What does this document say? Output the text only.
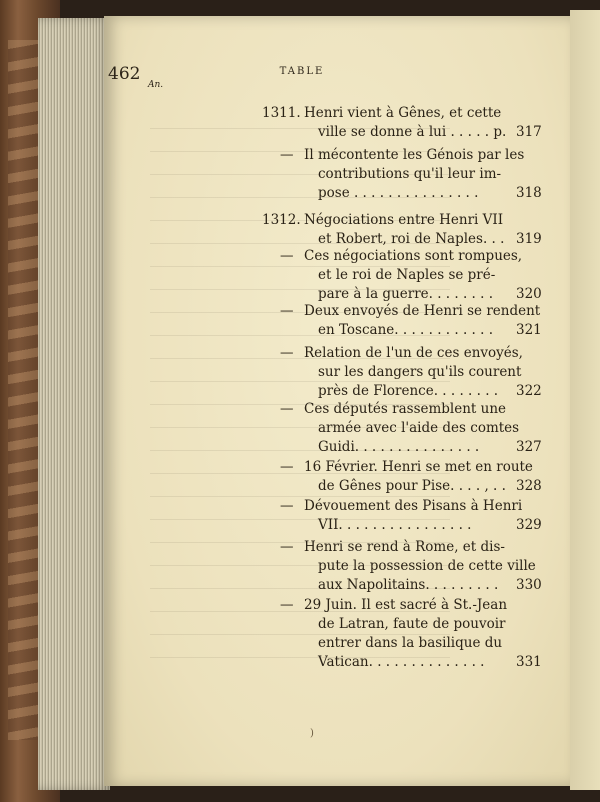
462	TABLE
An.
)
1311. Henri vient à Gênes, et cette
ville se donne à lui . . . . . p. 317
— Il mécontente les Génois par les
contributions qu'il leur im-
pose . . . . . . . . . . . . . . .	318
1312. Négociations entre Henri VII
et Robert, roi de Naples. . . 319
— Ces négociations sont rompues,
et le roi de Naples se pré-
pare à la guerre. . . . . . . . 320
— Deux envoyés de Henri se rendent
en Toscane. . . . . . . . . . . . 321
— Relation de l'un de ces envoyés,
sur les dangers qu'ils courent
près de Florence. . . . . . . . 322
— Ces députés rassemblent une
armée avec l'aide des comtes
Guidi. . . . . . . . . . . . . . .	327
— 16 Février. Henri se met en route
de Gênes pour Pise. . . . , . . 328
— Dévouement des Pisans à Henri
VII. . . . . . . . . . . . . . . .	329
— Henri se rend à Rome, et dis-
pute la possession de cette ville
aux Napolitains. . . . . . . . . 330
— 29 Juin. Il est sacré à St.-Jean
de Latran, faute de pouvoir
entrer dans la basilique du
Vatican. . . . . . . . . . . . . . 331
